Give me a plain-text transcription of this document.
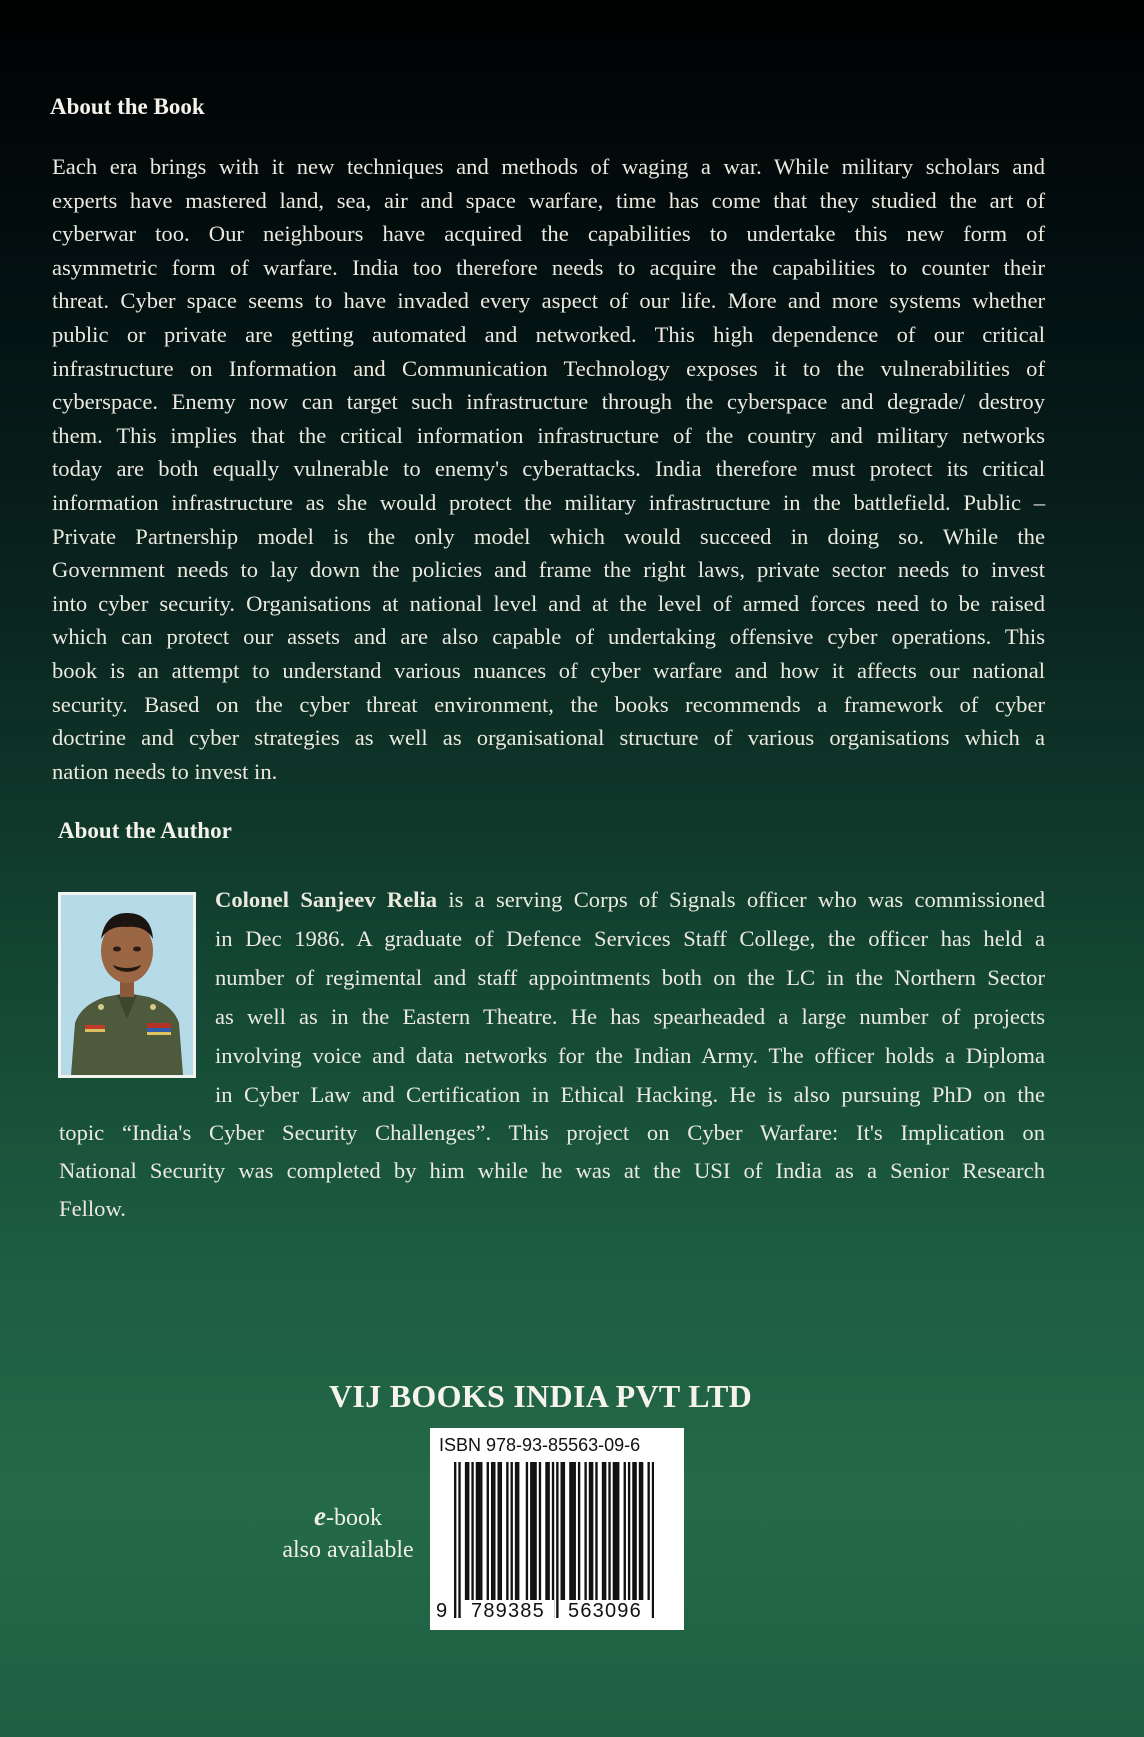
About the Book
Each era brings with it new techniques and methods of waging a war. While military scholars and
experts have mastered land, sea, air and space warfare, time has come that they studied the art of
cyberwar too. Our neighbours have acquired the capabilities to undertake this new form of
asymmetric form of warfare. India too therefore needs to acquire the capabilities to counter their
threat. Cyber space seems to have invaded every aspect of our life. More and more systems whether
public or private are getting automated and networked. This high dependence of our critical
infrastructure on Information and Communication Technology exposes it to the vulnerabilities of
cyberspace. Enemy now can target such infrastructure through the cyberspace and degrade/ destroy
them. This implies that the critical information infrastructure of the country and military networks
today are both equally vulnerable to enemy's cyberattacks. India therefore must protect its critical
information infrastructure as she would protect the military infrastructure in the battlefield. Public –
Private Partnership model is the only model which would succeed in doing so. While the
Government needs to lay down the policies and frame the right laws, private sector needs to invest
into cyber security. Organisations at national level and at the level of armed forces need to be raised
which can protect our assets and are also capable of undertaking offensive cyber operations. This
book is an attempt to understand various nuances of cyber warfare and how it affects our national
security. Based on the cyber threat environment, the books recommends a framework of cyber
doctrine and cyber strategies as well as organisational structure of various organisations which a
nation needs to invest in.
About the Author
Colonel Sanjeev Relia is a serving Corps of Signals officer who was commissioned
in Dec 1986. A graduate of Defence Services Staff College, the officer has held a
number of regimental and staff appointments both on the LC in the Northern Sector
as well as in the Eastern Theatre. He has spearheaded a large number of projects
involving voice and data networks for the Indian Army. The officer holds a Diploma
in Cyber Law and Certification in Ethical Hacking. He is also pursuing PhD on the
topic “India's Cyber Security Challenges”. This project on Cyber Warfare: It's Implication on
National Security was completed by him while he was at the USI of India as a Senior Research
Fellow.
VIJ BOOKS INDIA PVT LTD
e-book
also available
ISBN 978-93-85563-09-6
9	789385	563096
